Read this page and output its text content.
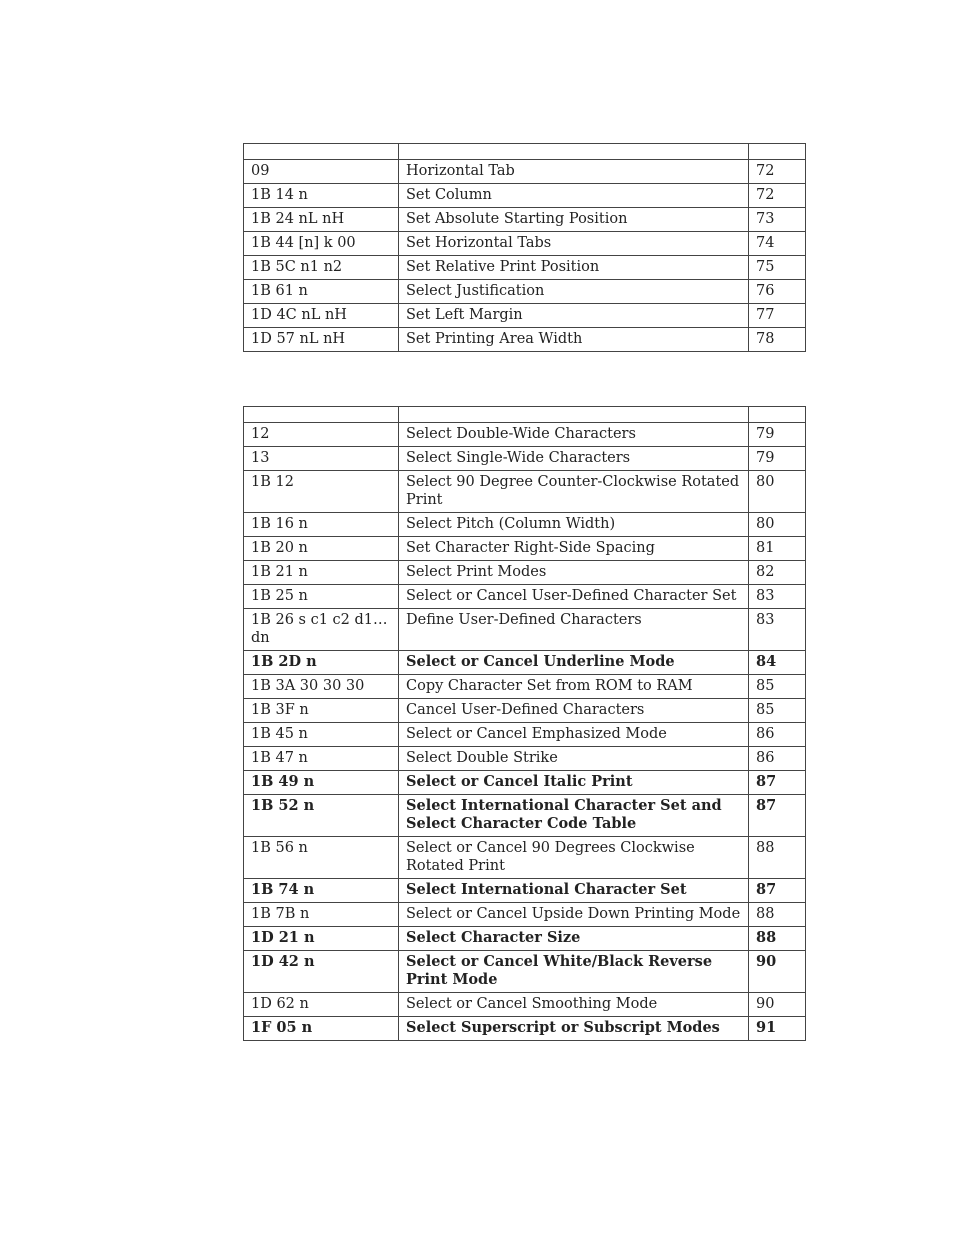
09	Horizontal Tab	72
1B 14 n	Set Column	72
1B 24 nL nH	Set Absolute Starting Position	73
1B 44 [n] k 00	Set Horizontal Tabs	74
1B 5C n1 n2	Set Relative Print Position	75
1B 61 n	Select Justification	76
1D 4C nL nH	Set Left Margin	77
1D 57 nL nH	Set Printing Area Width	78

12	Select Double-Wide Characters	79
13	Select Single-Wide Characters	79
1B 12	Select 90 Degree Counter-Clockwise Rotated Print	80
1B 16 n	Select Pitch (Column Width)	80
1B 20 n	Set Character Right-Side Spacing	81
1B 21 n	Select Print Modes	82
1B 25 n	Select or Cancel User-Defined Character Set	83
1B 26 s c1 c2 d1…dn	Define User-Defined Characters	83
1B 2D n	Select or Cancel Underline Mode	84
1B 3A 30 30 30	Copy Character Set from ROM to RAM	85
1B 3F n	Cancel User-Defined Characters	85
1B 45 n	Select or Cancel Emphasized Mode	86
1B 47 n	Select Double Strike	86
1B 49 n	Select or Cancel Italic Print	87
1B 52 n	Select International Character Set and Select Character Code Table	87
1B 56 n	Select or Cancel 90 Degrees Clockwise Rotated Print	88
1B 74 n	Select International Character Set	87
1B 7B n	Select or Cancel Upside Down Printing Mode	88
1D 21 n	Select Character Size	88
1D 42 n	Select or Cancel White/Black Reverse Print Mode	90
1D 62 n	Select or Cancel Smoothing Mode	90
1F 05 n	Select Superscript or Subscript Modes	91
